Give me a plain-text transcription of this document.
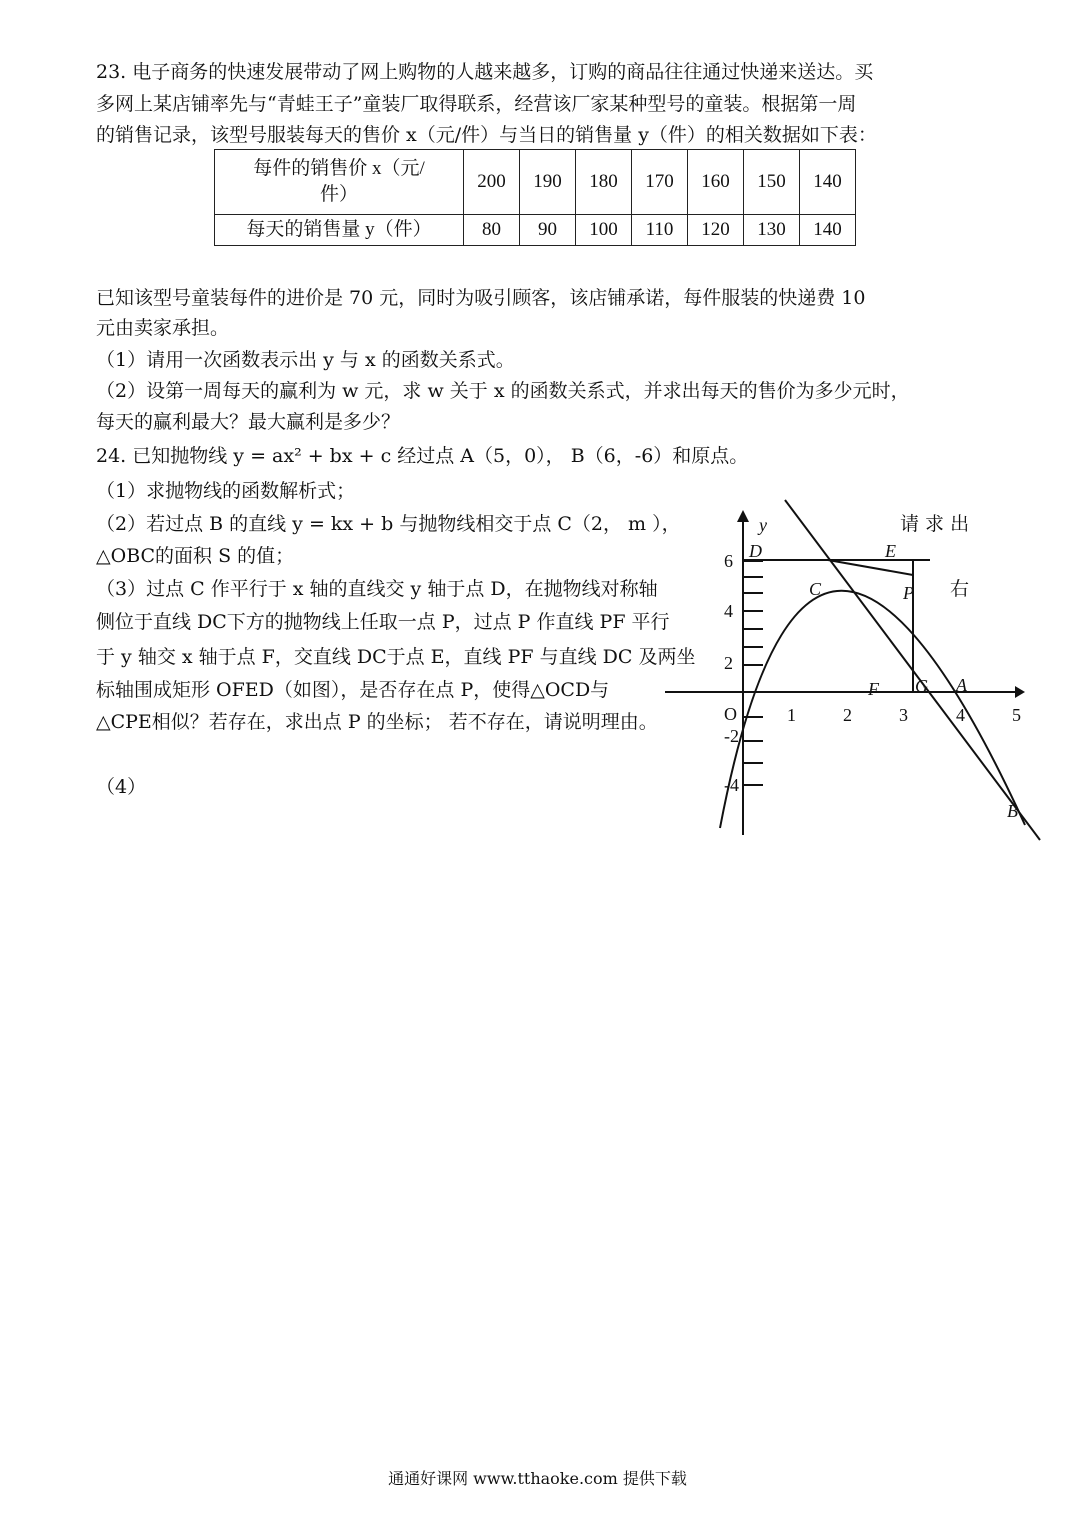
23. 电子商务的快速发展带动了网上购物的人越来越多，订购的商品往往通过快递来送达。买
多网上某店铺率先与“青蛙王子”童装厂取得联系，经营该厂家某种型号的童装。根据第一周
的销售记录，该型号服装每天的售价 x（元/件）与当日的销售量 y（件）的相关数据如下表：
每件的销售价 x（元/
件）	200	190	180	170	160	150	140
每天的销售量 y（件）	80	90	100	110	120	130	140
已知该型号童装每件的进价是 70 元，同时为吸引顾客，该店铺承诺，每件服装的快递费 10
元由卖家承担。
（1）请用一次函数表示出 y 与 x 的函数关系式。
（2）设第一周每天的赢利为 w 元，求 w 关于 x 的函数关系式，并求出每天的售价为多少元时，
每天的赢利最大？最大赢利是多少？
24. 已知抛物线 y = ax² + bx + c 经过点 A（5，0）， B（6，-6）和原点。
（1）求抛物线的函数解析式；
（2）若过点 B 的直线 y = kx + b 与抛物线相交于点 C（2， m ），	请 求 出
△OBC的面积 S 的值；
（3）过点 C 作平行于 x 轴的直线交 y 轴于点 D，在抛物线对称轴	右
侧位于直线 DC下方的抛物线上任取一点 P，过点 P 作直线 PF 平行
于 y 轴交 x 轴于点 F，交直线 DC于点 E，直线 PF 与直线 DC 及两坐
标轴围成矩形 OFED（如图），是否存在点 P，使得△OCD与
△CPE相似？若存在，求出点 P 的坐标； 若不存在，请说明理由。
（4）
y
O	1	2	3	4	5
6
4
2
-2
-4
D
C
E
P
F G A
B
通通好课网 www.tthaoke.com 提供下载
